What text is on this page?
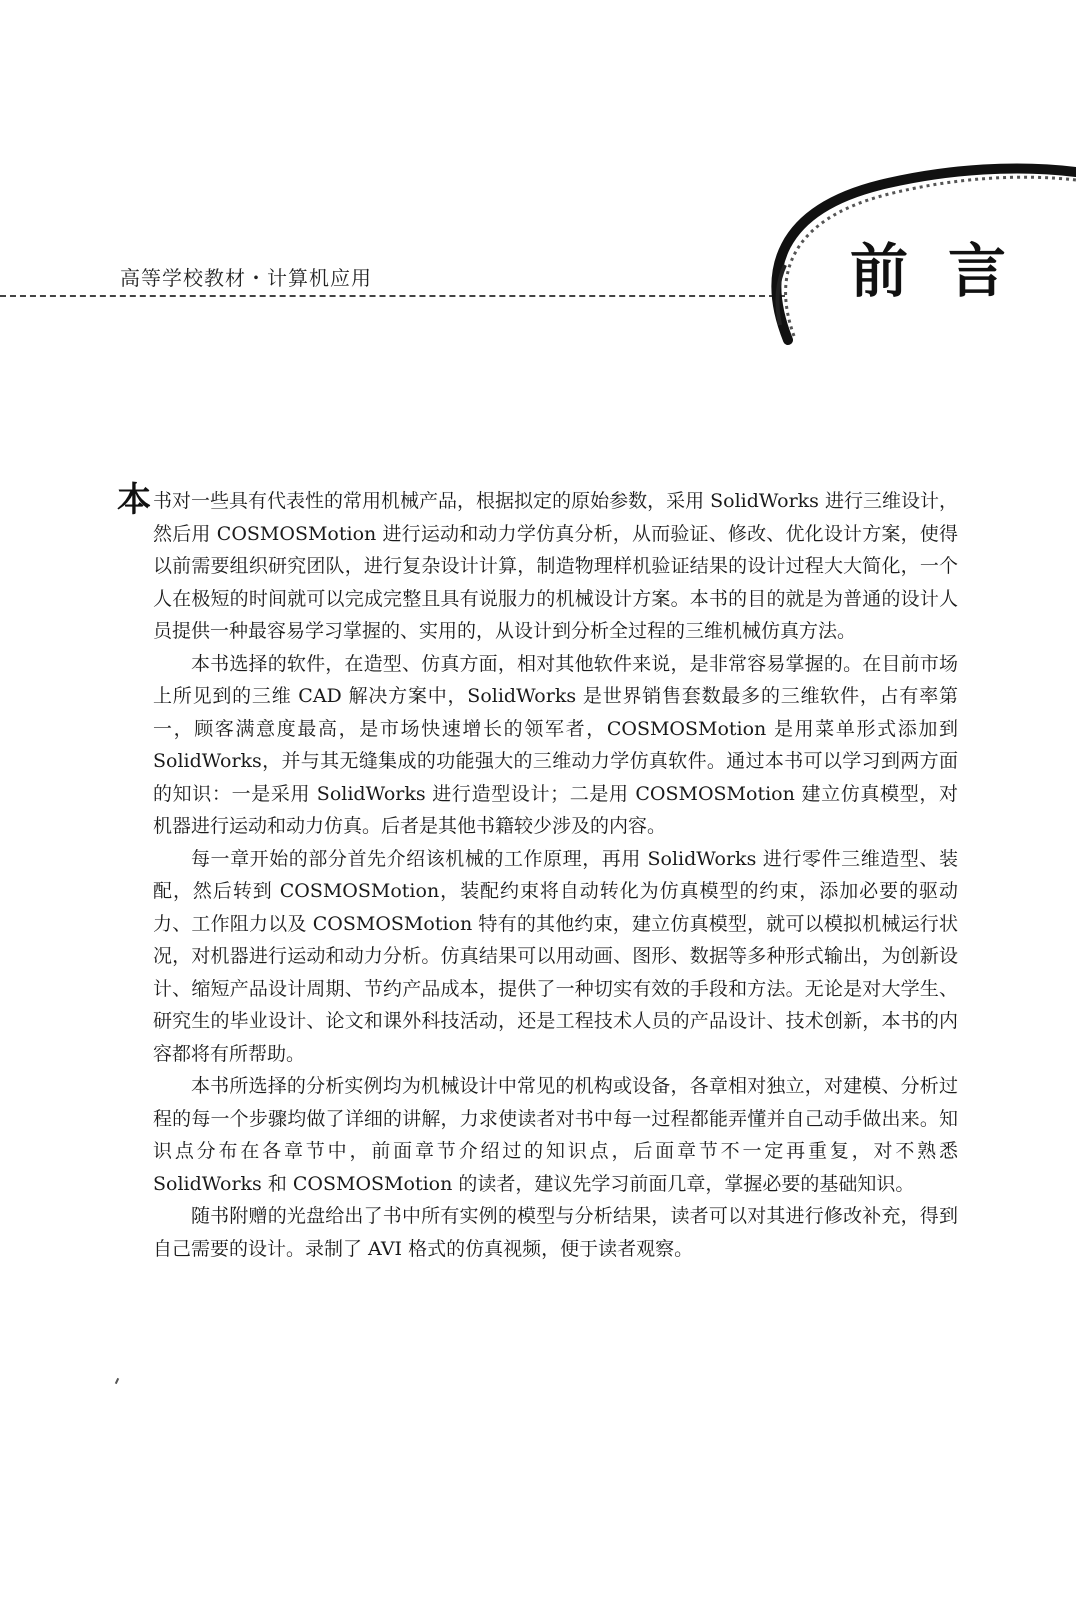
高等学校教材・计算机应用	前言
本 书对一些具有代表性的常用机械产品，根据拟定的原始参数，采用 SolidWorks 进行三维设计，然后用 COSMOSMotion 进行运动和动力学仿真分析，从而验证、修改、优化设计方案，使得以前需要组织研究团队，进行复杂设计计算，制造物理样机验证结果的设计过程大大简化，一个人在极短的时间就可以完成完整且具有说服力的机械设计方案。本书的目的就是为普通的设计人员提供一种最容易学习掌握的、实用的，从设计到分析全过程的三维机械仿真方法。

本书选择的软件，在造型、仿真方面，相对其他软件来说，是非常容易掌握的。在目前市场上所见到的三维 CAD 解决方案中，SolidWorks 是世界销售套数最多的三维软件，占有率第一，顾客满意度最高，是市场快速增长的领军者，COSMOSMotion 是用菜单形式添加到 SolidWorks，并与其无缝集成的功能强大的三维动力学仿真软件。通过本书可以学习到两方面的知识：一是采用 SolidWorks 进行造型设计；二是用 COSMOSMotion 建立仿真模型，对机器进行运动和动力仿真。后者是其他书籍较少涉及的内容。

每一章开始的部分首先介绍该机械的工作原理，再用 SolidWorks 进行零件三维造型、装配，然后转到 COSMOSMotion，装配约束将自动转化为仿真模型的约束，添加必要的驱动力、工作阻力以及 COSMOSMotion 特有的其他约束，建立仿真模型，就可以模拟机械运行状况，对机器进行运动和动力分析。仿真结果可以用动画、图形、数据等多种形式输出，为创新设计、缩短产品设计周期、节约产品成本，提供了一种切实有效的手段和方法。无论是对大学生、研究生的毕业设计、论文和课外科技活动，还是工程技术人员的产品设计、技术创新，本书的内容都将有所帮助。

本书所选择的分析实例均为机械设计中常见的机构或设备，各章相对独立，对建模、分析过程的每一个步骤均做了详细的讲解，力求使读者对书中每一过程都能弄懂并自己动手做出来。知识点分布在各章节中，前面章节介绍过的知识点，后面章节不一定再重复，对不熟悉 SolidWorks 和 COSMOSMotion 的读者，建议先学习前面几章，掌握必要的基础知识。

随书附赠的光盘给出了书中所有实例的模型与分析结果，读者可以对其进行修改补充，得到自己需要的设计。录制了 AVI 格式的仿真视频，便于读者观察。
